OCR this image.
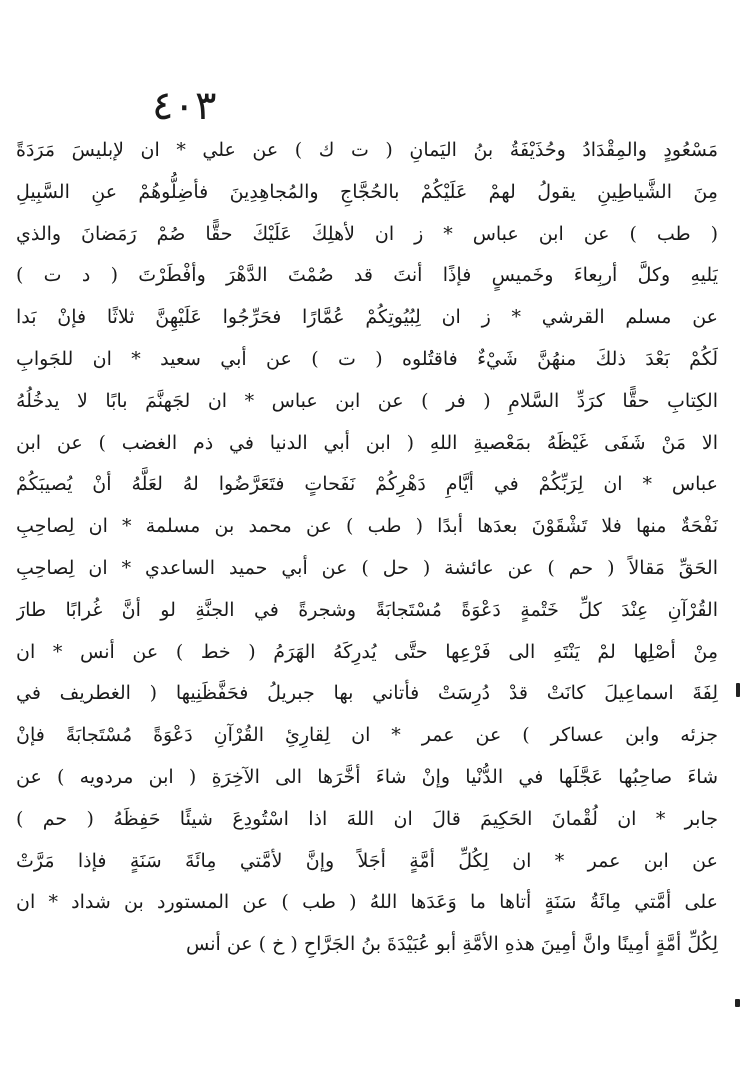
٤٠٣
مَسْعُودٍ والمِقْدَادُ وحُذَيْفَةُ بنُ اليَمانِ ( ت ك ) عن علي * ان لإبليسَ مَرَدَةً
مِنَ الشَّياطِينِ يقولُ لهمْ عَلَيْكُمْ بالحُجَّاجِ والمُجاهِدِينَ فأضِلُّوهُمْ عنِ السَّبِيلِ
( طب ) عن ابن عباس * ز ان لأهلِكَ عَلَيْكَ حقًّا صُمْ رَمَضانَ والذي
يَليهِ وكلَّ أربِعاءَ وخَميسٍ فإذًا أنتَ قد صُمْتَ الدَّهْرَ وأفْطَرْتَ ( د ت )
عن مسلم القرشي * ز ان لِبُيُوتِكُمْ عُمَّارًا فحَرِّجُوا عَلَيْهِنَّ ثلاثًا فإنْ بَدا
لَكُمْ بَعْدَ ذلكَ منهُنَّ شَيْءٌ فاقتُلوه ( ت ) عن أبي سعيد * ان للجَوابِ
الكِتابِ حقًّا كرَدِّ السَّلامِ ( فر ) عن ابن عباس * ان لجَهنَّمَ بابًا لا يدخُلُهُ
الا مَنْ شَفَى غَيْظَهُ بمَعْصيةِ اللهِ ( ابن أبي الدنيا في ذم الغضب ) عن ابن
عباس * ان لِرَبِّكُمْ في أيَّامِ دَهْرِكُمْ نَفَحاتٍ فتَعَرَّضُوا لهُ لعَلَّهُ أنْ يُصيبَكُمْ
نَفْحَةٌ منها فلا تَشْقَوْنَ بعدَها أبدًا ( طب ) عن محمد بن مسلمة * ان لِصاحِبِ
الحَقِّ مَقالاً ( حم ) عن عائشة ( حل ) عن أبي حميد الساعدي * ان لِصاحِبِ
القُرْآنِ عِنْدَ كلِّ خَتْمةٍ دَعْوَةً مُسْتَجابَةً وشجرةً في الجنَّةِ لو أنَّ غُرابًا طارَ
مِنْ أصْلِها لمْ يَنْتَهِ الى فَرْعِها حتَّى يُدرِكَهُ الهَرَمُ ( خط ) عن أنس * ان
لِفَةَ اسماعِيلَ كانَتْ قدْ دُرِسَتْ فأتاني بها جبريلُ فحَفَّظَنِيها ( الغطريف في
جزئه وابن عساكر ) عن عمر * ان لِقارِئِ القُرْآنِ دَعْوَةً مُسْتَجابَةً فإنْ
شاءَ صاحِبُها عَجَّلَها في الدُّنْيا وإنْ شاءَ أخَّرَها الى الآخِرَةِ ( ابن مردويه ) عن
جابر * ان لُقْمانَ الحَكِيمَ قالَ ان اللهَ اذا اسْتُودِعَ شيئًا حَفِظَهُ ( حم )
عن ابن عمر * ان لِكُلِّ أمَّةٍ أجَلاً وإنَّ لأمَّتي مِائَةَ سَنَةٍ فإذا مَرَّتْ
على أمَّتي مِائَةُ سَنَةٍ أتاها ما وَعَدَها اللهُ ( طب ) عن المستورد بن شداد * ان
لِكُلِّ أمَّةٍ أمِينًا وانَّ أمِينَ هذهِ الأمَّةِ أبو عُبَيْدَةَ بنُ الجَرَّاحِ ( خ ) عن أنس
